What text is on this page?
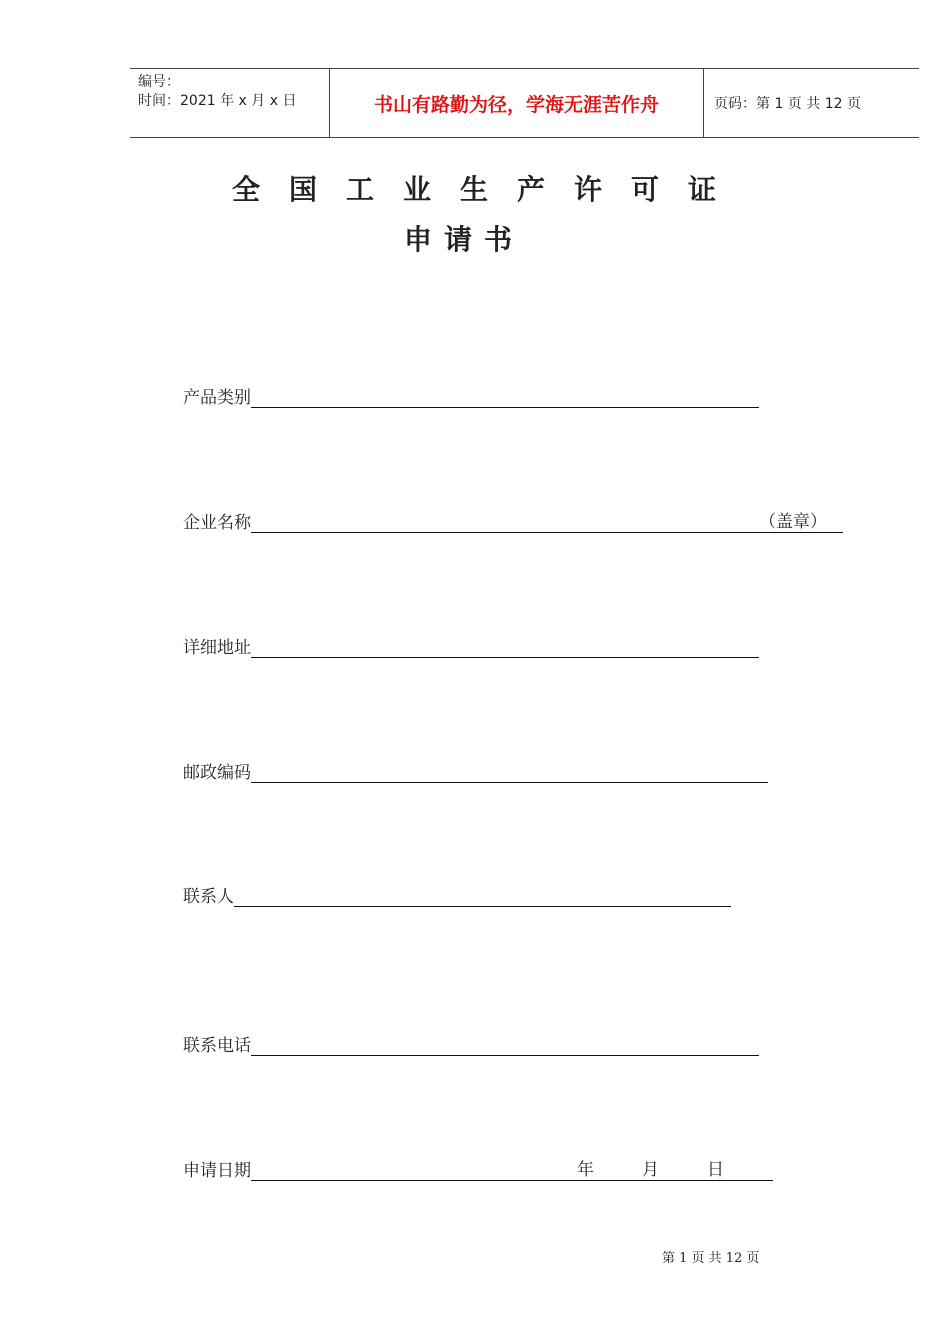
编号：
时间：2021 年 x 月 x 日	书山有路勤为径，学海无涯苦作舟	页码：第 1 页 共 12 页
全国工业生产许可证
申请书
产品类别
企业名称	（盖章）
详细地址
邮政编码
联系人
联系电话
申请日期	年	月	日
第 1 页 共 12 页
